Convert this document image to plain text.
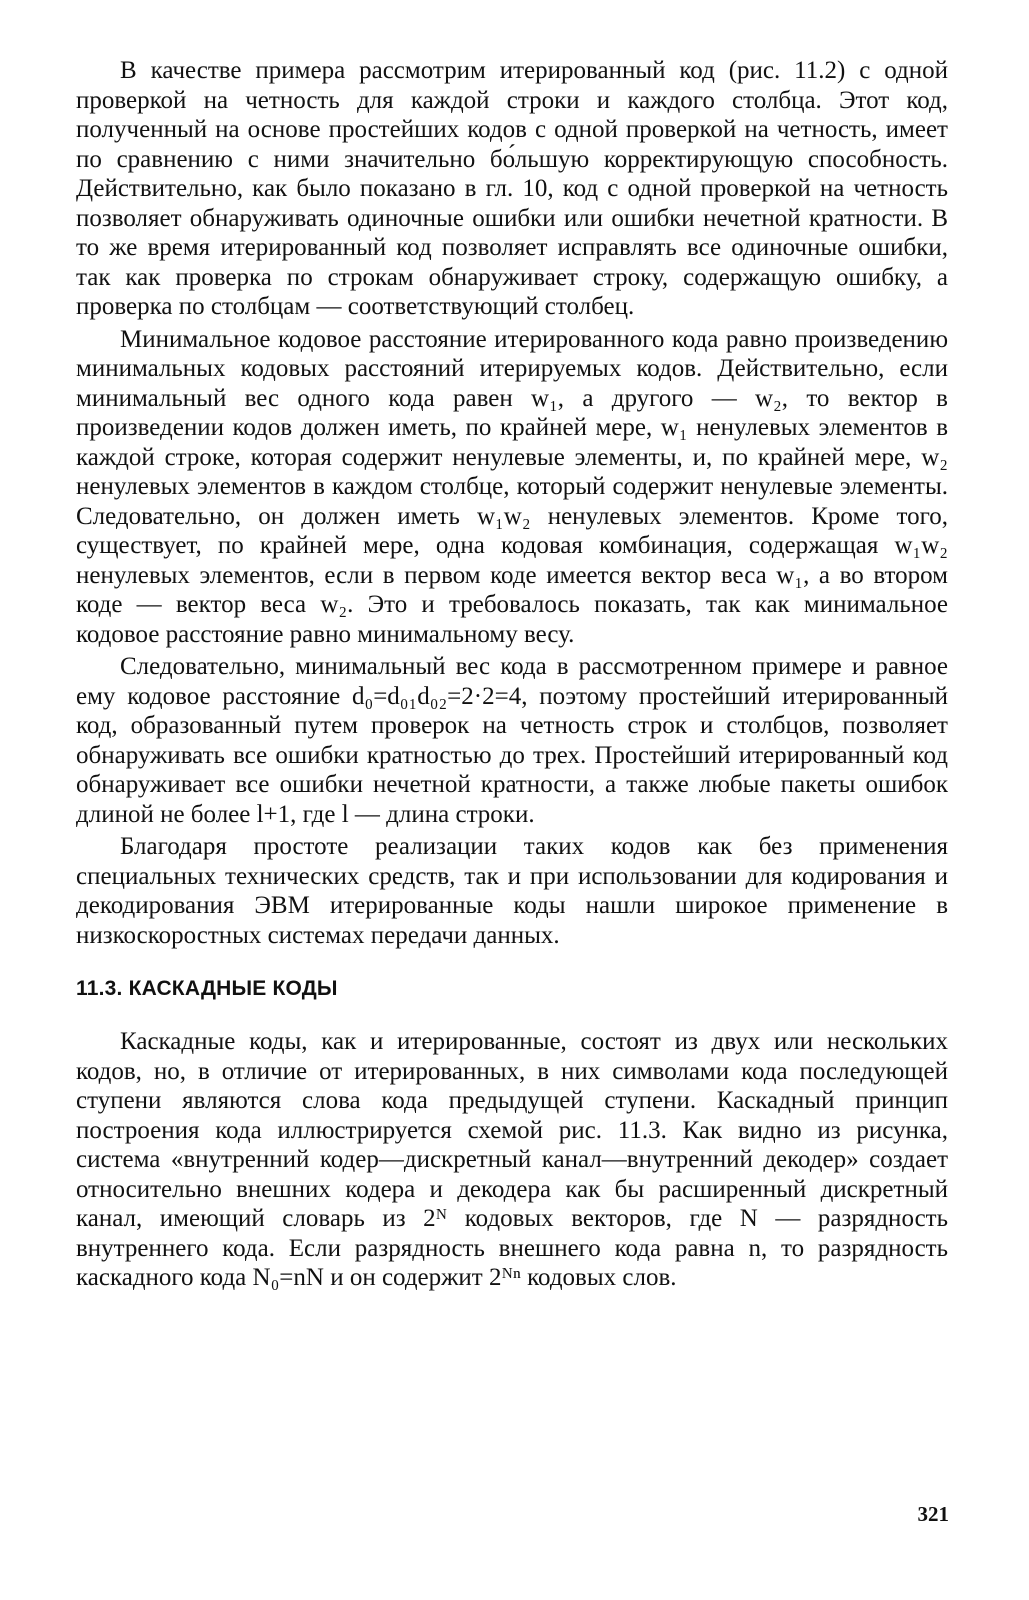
В качестве примера рассмотрим итерированный код (рис. 11.2) с одной проверкой на четность для каждой строки и каждого столбца. Этот код, полученный на основе простейших кодов с одной проверкой на четность, имеет по сравнению с ними значительно бо́льшую корректирующую способность. Действительно, как было показано в гл. 10, код с одной проверкой на четность позволяет обнаруживать одиночные ошибки или ошибки нечетной кратности. В то же время итерированный код позволяет исправлять все одиночные ошибки, так как проверка по строкам обнаруживает строку, содержащую ошибку, а проверка по столбцам — соответствующий столбец.

Минимальное кодовое расстояние итерированного кода равно произведению минимальных кодовых расстояний итерируемых кодов. Действительно, если минимальный вес одного кода равен w₁, а другого — w₂, то вектор в произведении кодов должен иметь, по крайней мере, w₁ ненулевых элементов в каждой строке, которая содержит ненулевые элементы, и, по крайней мере, w₂ ненулевых элементов в каждом столбце, который содержит ненулевые элементы. Следовательно, он должен иметь w₁w₂ ненулевых элементов. Кроме того, существует, по крайней мере, одна кодовая комбинация, содержащая w₁w₂ ненулевых элементов, если в первом коде имеется вектор веса w₁, а во втором коде — вектор веса w₂. Это и требовалось показать, так как минимальное кодовое расстояние равно минимальному весу.

Следовательно, минимальный вес кода в рассмотренном примере и равное ему кодовое расстояние d₀=d₀₁d₀₂=2·2=4, поэтому простейший итерированный код, образованный путем проверок на четность строк и столбцов, позволяет обнаруживать все ошибки кратностью до трех. Простейший итерированный код обнаруживает все ошибки нечетной кратности, а также любые пакеты ошибок длиной не более l+1, где l — длина строки.

Благодаря простоте реализации таких кодов как без применения специальных технических средств, так и при использовании для кодирования и декодирования ЭВМ итерированные коды нашли широкое применение в низкоскоростных системах передачи данных.

11.3. КАСКАДНЫЕ КОДЫ

Каскадные коды, как и итерированные, состоят из двух или нескольких кодов, но, в отличие от итерированных, в них символами кода последующей ступени являются слова кода предыдущей ступени. Каскадный принцип построения кода иллюстрируется схемой рис. 11.3. Как видно из рисунка, система «внутренний кодер—дискретный канал—внутренний декодер» создает относительно внешних кодера и декодера как бы расширенный дискретный канал, имеющий словарь из 2ᴺ кодовых векторов, где N — разрядность внутреннего кода. Если разрядность внешнего кода равна n, то разрядность каскадного кода N₀=nN и он содержит 2ᴺⁿ кодовых слов.

321
